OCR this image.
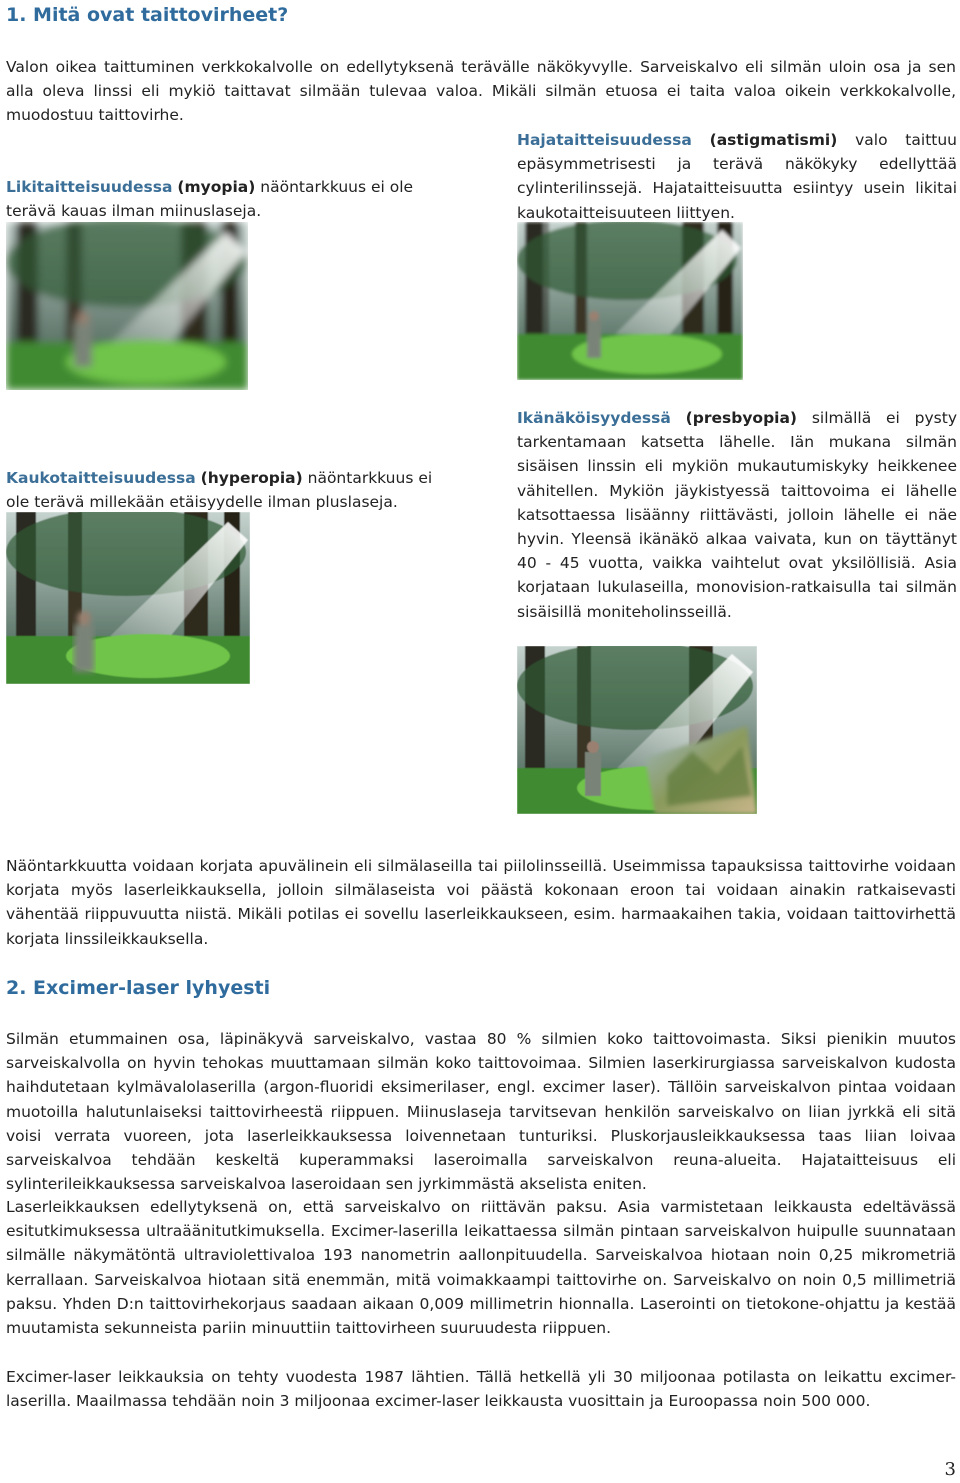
1. Mitä ovat taittovirheet?

Valon oikea taittuminen verkkokalvolle on edellytyksenä terävälle näkökyvylle. Sarveiskalvo eli silmän uloin osa ja sen alla oleva linssi eli mykiö taittavat silmään tulevaa valoa. Mikäli silmän etuosa ei taita valoa oikein verkkokalvolle, muodostuu taittovirhe.

Likitaitteisuudessa (myopia) näöntarkkuus ei ole terävä kauas ilman miinuslaseja.

Hajataitteisuudessa (astigmatismi) valo taittuu epäsymmetrisesti ja terävä näkökyky edellyttää cylinterilinssejä. Hajataitteisuutta esiintyy usein likitai kaukotaitteisuuteen liittyen.

Kaukotaitteisuudessa (hyperopia) näöntarkkuus ei ole terävä millekään etäisyydelle ilman pluslaseja.

Ikänäköisyydessä (presbyopia) silmällä ei pysty tarkentamaan katsetta lähelle. Iän mukana silmän sisäisen linssin eli mykiön mukautumiskyky heikkenee vähitellen. Mykiön jäykistyessä taittovoima ei lähelle katsottaessa lisäänny riittävästi, jolloin lähelle ei näe hyvin. Yleensä ikänäkö alkaa vaivata, kun on täyttänyt 40 - 45 vuotta, vaikka vaihtelut ovat yksilöllisiä. Asia korjataan lukulaseilla, monovision-ratkaisulla tai silmän sisäisillä moniteholinsseillä.

Näöntarkkuutta voidaan korjata apuvälinein eli silmälaseilla tai piilolinsseillä. Useimmissa tapauksissa taittovirhe voidaan korjata myös laserleikkauksella, jolloin silmälaseista voi päästä kokonaan eroon tai voidaan ainakin ratkaisevasti vähentää riippuvuutta niistä. Mikäli potilas ei sovellu laserleikkaukseen, esim. harmaakaihen takia, voidaan taittovirhettä korjata linssileikkauksella.

2. Excimer-laser lyhyesti

Silmän etummainen osa, läpinäkyvä sarveiskalvo, vastaa 80 % silmien koko taittovoimasta. Siksi pienikin muutos sarveiskalvolla on hyvin tehokas muuttamaan silmän koko taittovoimaa. Silmien laserkirurgiassa sarveiskalvon kudosta haihdutetaan kylmävalolaserilla (argon-fluoridi eksimerilaser, engl. excimer laser). Tällöin sarveiskalvon pintaa voidaan muotoilla halutunlaiseksi taittovirheestä riippuen. Miinuslaseja tarvitsevan henkilön sarveiskalvo on liian jyrkkä eli sitä voisi verrata vuoreen, jota laserleikkauksessa loivennetaan tunturiksi. Pluskorjausleikkauksessa taas liian loivaa sarveiskalvoa tehdään keskeltä kuperammaksi laseroimalla sarveiskalvon reuna-alueita. Hajataitteisuus eli sylinterileikkauksessa sarveiskalvoa laseroidaan sen jyrkimmästä akselista eniten.

Laserleikkauksen edellytyksenä on, että sarveiskalvo on riittävän paksu. Asia varmistetaan leikkausta edeltävässä esitutkimuksessa ultraäänitutkimuksella. Excimer-laserilla leikattaessa silmän pintaan sarveiskalvon huipulle suunnataan silmälle näkymätöntä ultraviolettivaloa 193 nanometrin aallonpituudella. Sarveiskalvoa hiotaan noin 0,25 mikrometriä kerrallaan. Sarveiskalvoa hiotaan sitä enemmän, mitä voimakkaampi taittovirhe on. Sarveiskalvo on noin 0,5 millimetriä paksu. Yhden D:n taittovirhekorjaus saadaan aikaan 0,009 millimetrin hionnalla. Laserointi on tietokone-ohjattu ja kestää muutamista sekunneista pariin minuuttiin taittovirheen suuruudesta riippuen.

Excimer-laser leikkauksia on tehty vuodesta 1987 lähtien. Tällä hetkellä yli 30 miljoonaa potilasta on leikattu excimer-laserilla. Maailmassa tehdään noin 3 miljoonaa excimer-laser leikkausta vuosittain ja Euroopassa noin 500 000.

3
